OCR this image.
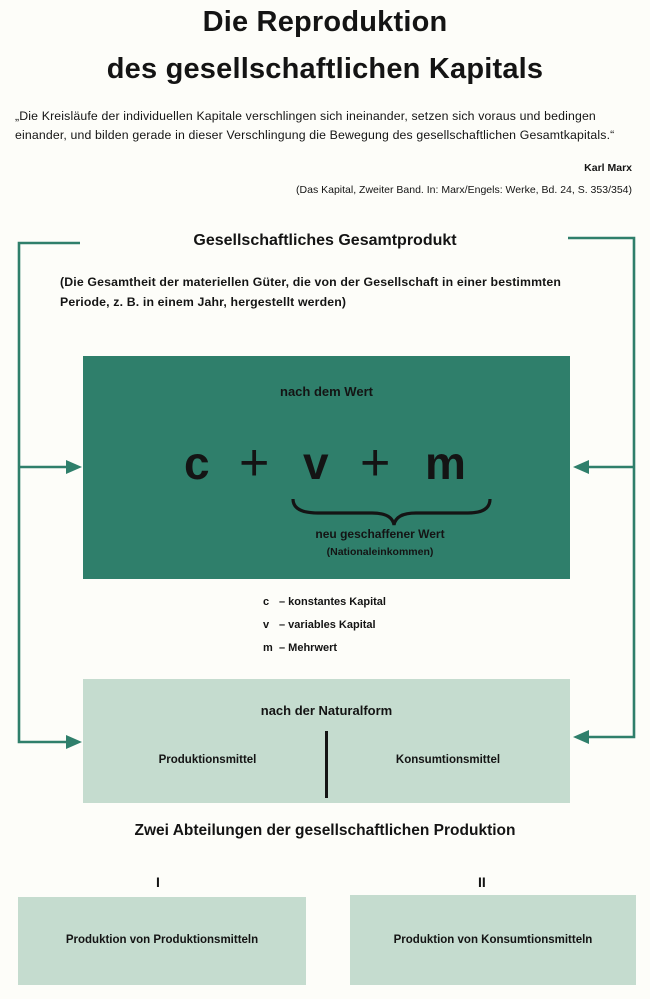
Die Reproduktion
des gesellschaftlichen Kapitals
„Die Kreisläufe der individuellen Kapitale verschlingen sich ineinander, setzen sich voraus und bedingen einander, und bilden gerade in dieser Verschlingung die Bewegung des gesellschaftlichen Gesamtkapitals.“
Karl Marx
(Das Kapital, Zweiter Band. In: Marx/Engels: Werke, Bd. 24, S. 353/354)
Gesellschaftliches Gesamtprodukt
(Die Gesamtheit der materiellen Güter, die von der Gesellschaft in einer bestimmten Periode, z. B. in einem Jahr, hergestellt werden)
nach dem Wert
c + v + m
neu geschaffener Wert
(Nationaleinkommen)
c – konstantes Kapital
v – variables Kapital
m – Mehrwert
nach der Naturalform
Produktionsmittel	Konsumtionsmittel
Zwei Abteilungen der gesellschaftlichen Produktion
I	II
Produktion von Produktionsmitteln	Produktion von Konsumtionsmitteln
